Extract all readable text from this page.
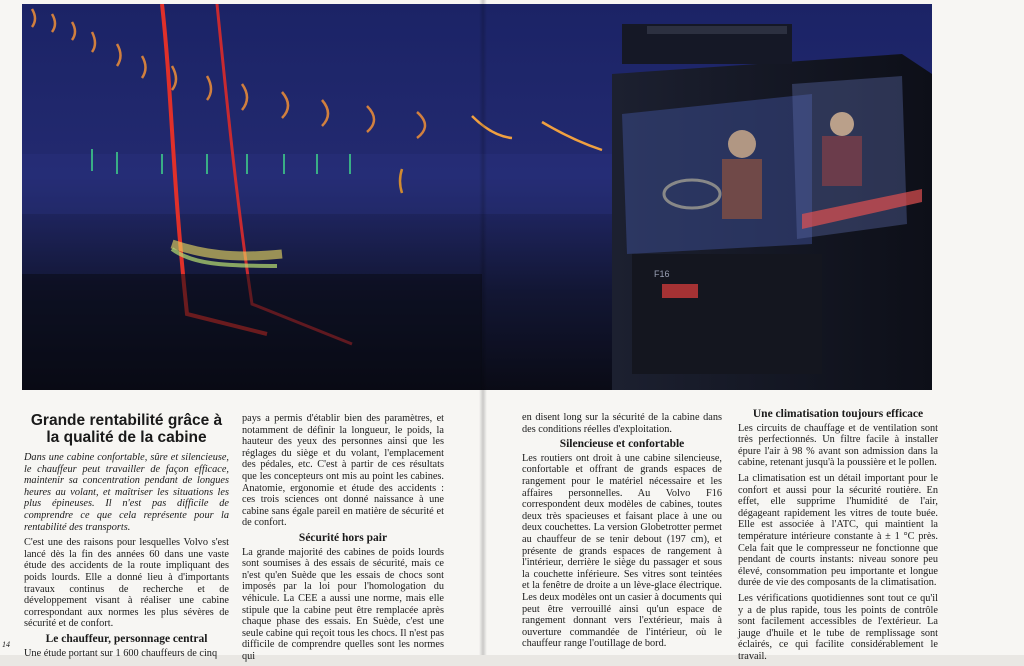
F16
Grande rentabilité grâce à la qualité de la cabine

Dans une cabine confortable, sûre et silencieuse, le chauffeur peut travailler de façon efficace, maintenir sa concentration pendant de longues heures au volant, et maîtriser les situations les plus épineuses. Il n'est pas difficile de comprendre ce que cela représente pour la rentabilité des transports.

C'est une des raisons pour lesquelles Volvo s'est lancé dès la fin des années 60 dans une vaste étude des accidents de la route impliquant des poids lourds. Elle a donné lieu à d'importants travaux continus de recherche et de développement visant à réaliser une cabine correspondant aux normes les plus sévères de sécurité et de confort.

Le chauffeur, personnage central

Une étude portant sur 1 600 chauffeurs de cinq

pays a permis d'établir bien des paramètres, et notamment de définir la longueur, le poids, la hauteur des yeux des personnes ainsi que les réglages du siège et du volant, l'emplacement des pédales, etc. C'est à partir de ces résultats que les concepteurs ont mis au point les cabines. Anatomie, ergonomie et étude des accidents : ces trois sciences ont donné naissance à une cabine sans égale pareil en matière de sécurité et de confort.

Sécurité hors pair

La grande majorité des cabines de poids lourds sont soumises à des essais de sécurité, mais ce n'est qu'en Suède que les essais de chocs sont imposés par la loi pour l'homologation du véhicule. La CEE a aussi une norme, mais elle stipule que la cabine peut être remplacée après chaque phase des essais. En Suède, c'est une seule cabine qui reçoit tous les chocs. Il n'est pas difficile de comprendre quelles sont les normes qui

en disent long sur la sécurité de la cabine dans des conditions réelles d'exploitation.

Silencieuse et confortable

Les routiers ont droit à une cabine silencieuse, confortable et offrant de grands espaces de rangement pour le matériel nécessaire et les affaires personnelles. Au Volvo F16 correspondent deux modèles de cabines, toutes deux très spacieuses et faisant place à une ou deux couchettes. La version Globetrotter permet au chauffeur de se tenir debout (197 cm), et présente de grands espaces de rangement à l'intérieur, derrière le siège du passager et sous la couchette inférieure. Ses vitres sont teintées et la fenêtre de droite a un lève-glace électrique. Les deux modèles ont un casier à documents qui peut être verrouillé ainsi qu'un espace de rangement donnant vers l'extérieur, mais à ouverture commandée de l'intérieur, où le chauffeur range l'outillage de bord.

Une climatisation toujours efficace

Les circuits de chauffage et de ventilation sont très perfectionnés. Un filtre facile à installer épure l'air à 98 % avant son admission dans la cabine, retenant jusqu'à la poussière et le pollen.

La climatisation est un détail important pour le confort et aussi pour la sécurité routière. En effet, elle supprime l'humidité de l'air, dégageant rapidement les vitres de toute buée. Elle est associée à l'ATC, qui maintient la température intérieure constante à ± 1 °C près. Cela fait que le compresseur ne fonctionne que pendant de courts instants: niveau sonore peu élevé, consommation peu importante et longue durée de vie des composants de la climatisation.

Les vérifications quotidiennes sont tout ce qu'il y a de plus rapide, tous les points de contrôle sont facilement accessibles de l'extérieur. La jauge d'huile et le tube de remplissage sont éclairés, ce qui facilite considérablement le travail.

14
